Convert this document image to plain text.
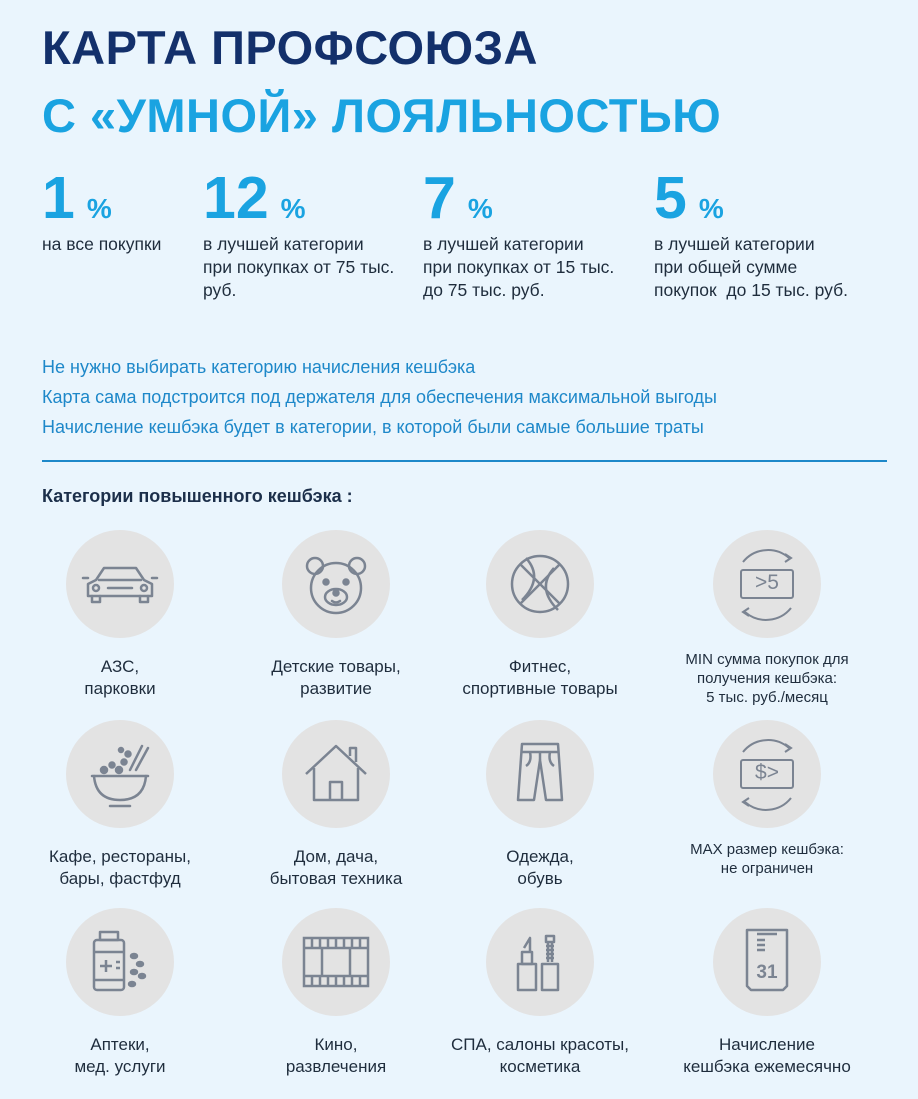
КАРТА ПРОФСОЮЗА
С «УМНОЙ» ЛОЯЛЬНОСТЬЮ
1 %
на все покупки
12 %
в лучшей категории
при покупках от 75 тыс.
руб.
7 %
в лучшей категории
при покупках от 15 тыс.
до 75 тыс. руб.
5 %
в лучшей категории
при общей сумме
покупок  до 15 тыс. руб.
Не нужно выбирать категорию начисления кешбэка
Карта сама подстроится под держателя для обеспечения максимальной выгоды
Начисление кешбэка будет в категории, в которой были самые большие траты
Категории повышенного кешбэка :
АЗС,
парковки
Детские товары,
развитие
Фитнес,
спортивные товары
>5
MIN сумма покупок для
получения кешбэка:
5 тыс. руб./месяц
Кафе, рестораны,
бары, фастфуд
Дом, дача,
бытовая техника
Одежда,
обувь
$>
MAX размер кешбэка:
не ограничен
Аптеки,
мед. услуги
Кино,
развлечения
СПА, салоны красоты,
косметика
31
Начисление
кешбэка ежемесячно
